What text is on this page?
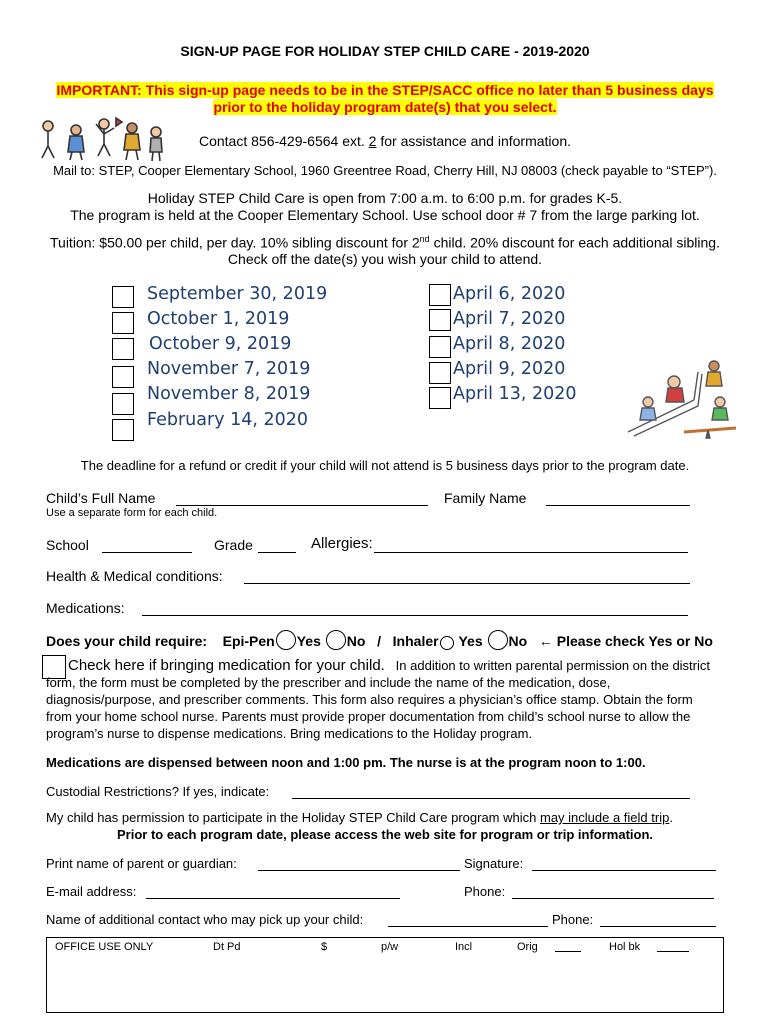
SIGN-UP PAGE FOR HOLIDAY STEP CHILD CARE - 2019-2020
IMPORTANT: This sign-up page needs to be in the STEP/SACC office no later than 5 business days
prior to the holiday program date(s) that you select.
Contact 856-429-6564 ext. 2 for assistance and information.
Mail to: STEP, Cooper Elementary School, 1960 Greentree Road, Cherry Hill, NJ 08003 (check payable to “STEP”).
Holiday STEP Child Care is open from 7:00 a.m. to 6:00 p.m. for grades K-5.
The program is held at the Cooper Elementary School. Use school door # 7 from the large parking lot.
Tuition: $50.00 per child, per day. 10% sibling discount for 2nd child. 20% discount for each additional sibling.
Check off the date(s) you wish your child to attend.
September 30, 2019
October 1, 2019
October 9, 2019
November 7, 2019
November 8, 2019
February 14, 2020
April 6, 2020
April 7, 2020
April 8, 2020
April 9, 2020
April 13, 2020
The deadline for a refund or credit if your child will not attend is 5 business days prior to the program date.
Child’s Full Name	Family Name
Use a separate form for each child.
School	Grade	Allergies:
Health & Medical conditions:
Medications:
Does your child require: Epi-Pen Yes No / Inhaler Yes No ← Please check Yes or No
Check here if bringing medication for your child. In addition to written parental permission on the district form, the form must be completed by the prescriber and include the name of the medication, dose, diagnosis/purpose, and prescriber comments. This form also requires a physician’s office stamp. Obtain the form from your home school nurse. Parents must provide proper documentation from child’s school nurse to allow the program’s nurse to dispense medications. Bring medications to the Holiday program.
Medications are dispensed between noon and 1:00 pm. The nurse is at the program noon to 1:00.
Custodial Restrictions? If yes, indicate:
My child has permission to participate in the Holiday STEP Child Care program which may include a field trip.
Prior to each program date, please access the web site for program or trip information.
Print name of parent or guardian:	Signature:
E-mail address:	Phone:
Name of additional contact who may pick up your child:	Phone:
OFFICE USE ONLY	Dt Pd	$	p/w	Incl	Orig	Hol bk
